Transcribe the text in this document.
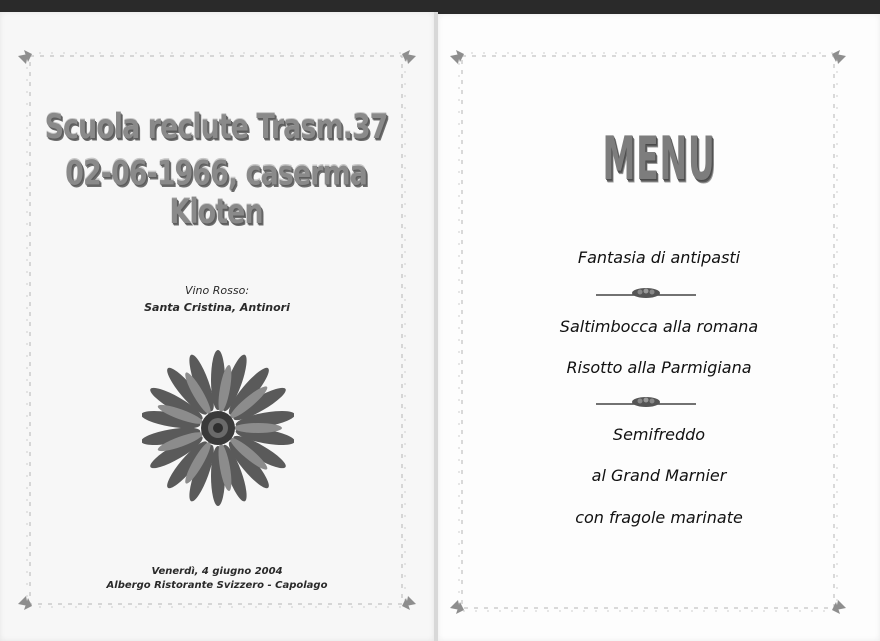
Scuola reclute Trasm.37
02-06-1966, caserma Kloten
Vino Rosso:
Santa Cristina, Antinori
Venerdì, 4 giugno 2004
Albergo Ristorante Svizzero - Capolago
MENU
Fantasia di antipasti
Saltimbocca alla romana
Risotto alla Parmigiana
Semifreddo
al Grand Marnier
con fragole marinate
